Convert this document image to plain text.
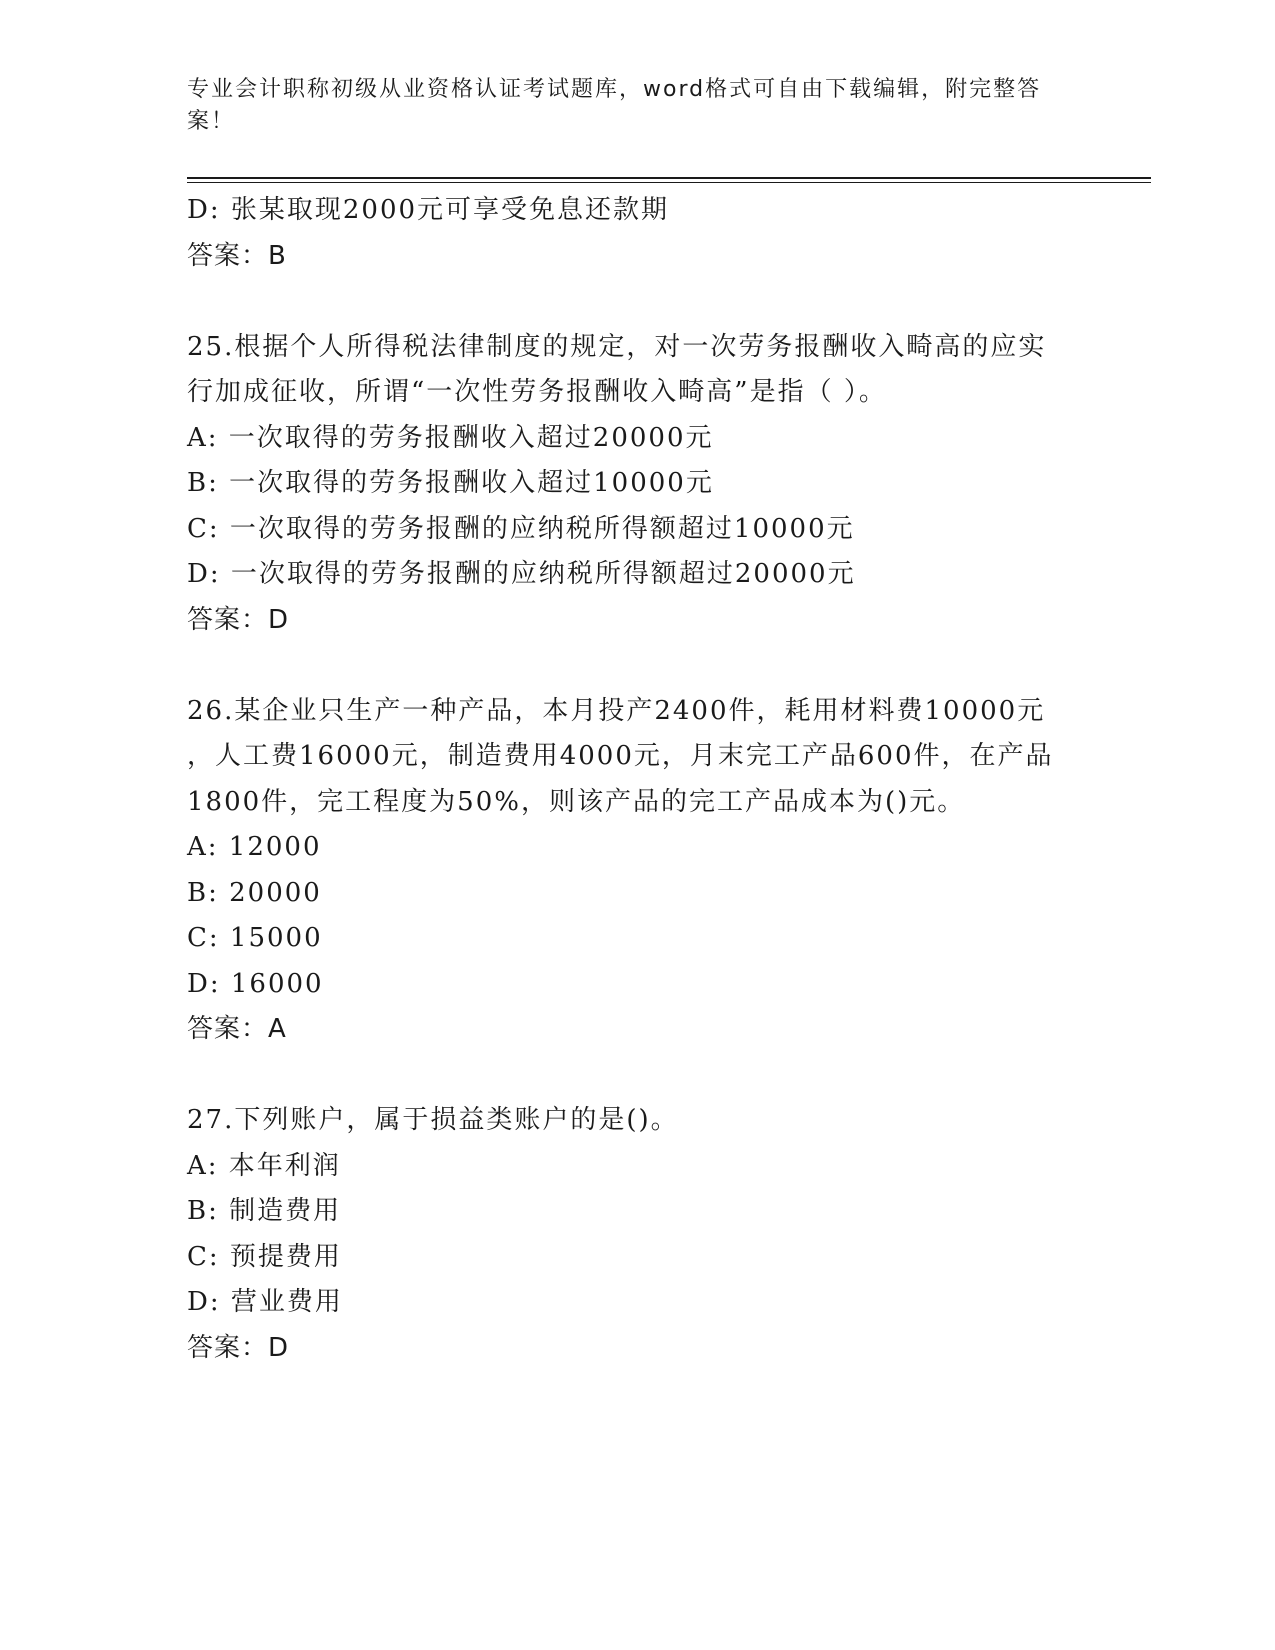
专业会计职称初级从业资格认证考试题库，word格式可自由下载编辑，附完整答案！
D: 张某取现2000元可享受免息还款期
答案：B
25.根据个人所得税法律制度的规定，对一次劳务报酬收入畸高的应实
行加成征收，所谓“一次性劳务报酬收入畸高”是指（ ）。
A: 一次取得的劳务报酬收入超过20000元
B: 一次取得的劳务报酬收入超过10000元
C: 一次取得的劳务报酬的应纳税所得额超过10000元
D: 一次取得的劳务报酬的应纳税所得额超过20000元
答案：D
26.某企业只生产一种产品，本月投产2400件，耗用材料费10000元
，人工费16000元，制造费用4000元，月末完工产品600件，在产品
1800件，完工程度为50%，则该产品的完工产品成本为()元。
A: 12000
B: 20000
C: 15000
D: 16000
答案：A
27.下列账户，属于损益类账户的是()。
A: 本年利润
B: 制造费用
C: 预提费用
D: 营业费用
答案：D
